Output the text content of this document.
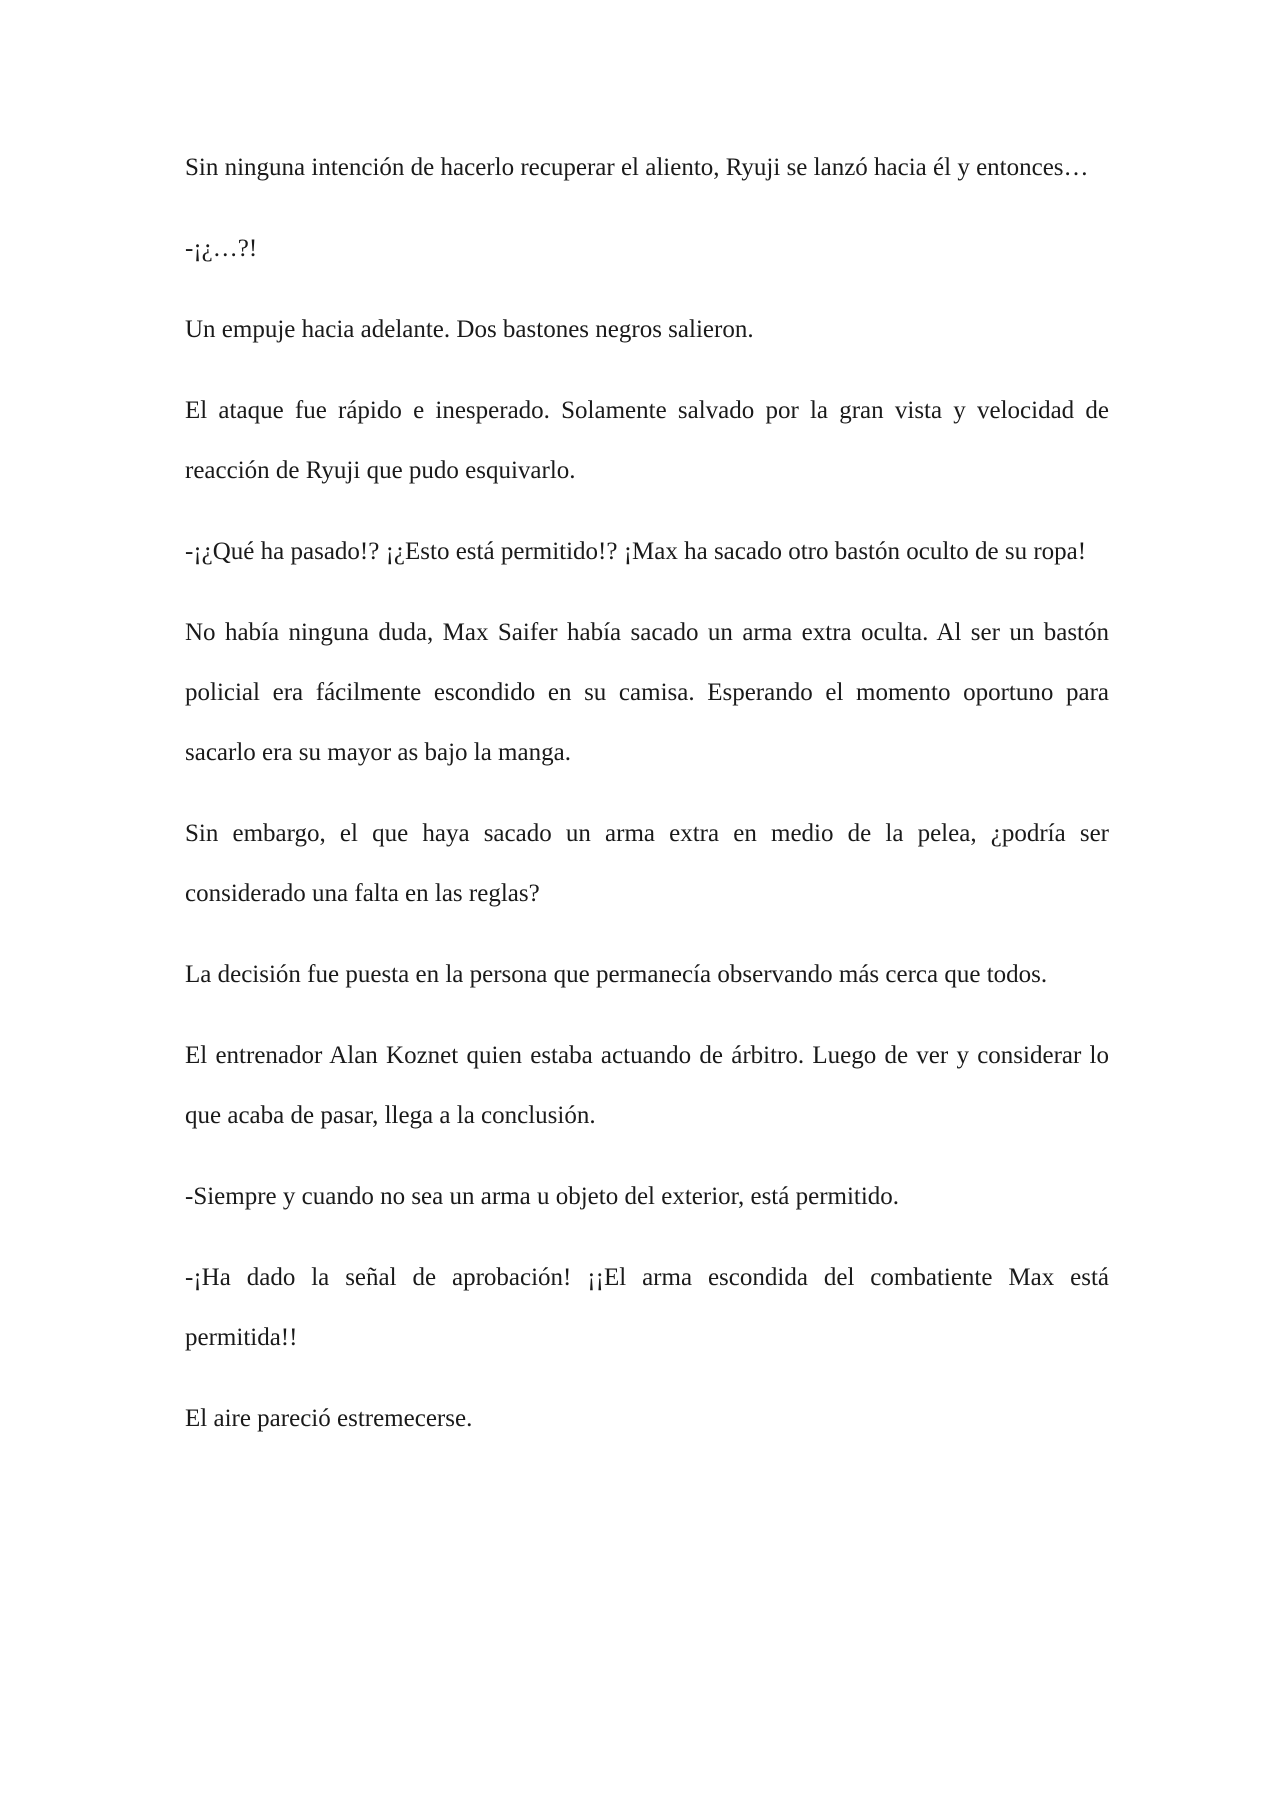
Sin ninguna intención de hacerlo recuperar el aliento, Ryuji se lanzó hacia él y entonces…

-¡¿…?!

Un empuje hacia adelante. Dos bastones negros salieron.

El ataque fue rápido e inesperado. Solamente salvado por la gran vista y velocidad de reacción de Ryuji que pudo esquivarlo.

-¡¿Qué ha pasado!? ¡¿Esto está permitido!? ¡Max ha sacado otro bastón oculto de su ropa!

No había ninguna duda, Max Saifer había sacado un arma extra oculta. Al ser un bastón policial era fácilmente escondido en su camisa. Esperando el momento oportuno para sacarlo era su mayor as bajo la manga.

Sin embargo, el que haya sacado un arma extra en medio de la pelea, ¿podría ser considerado una falta en las reglas?

La decisión fue puesta en la persona que permanecía observando más cerca que todos.

El entrenador Alan Koznet quien estaba actuando de árbitro. Luego de ver y considerar lo que acaba de pasar, llega a la conclusión.

-Siempre y cuando no sea un arma u objeto del exterior, está permitido.

-¡Ha dado la señal de aprobación! ¡¡El arma escondida del combatiente Max está permitida!!

El aire pareció estremecerse.
